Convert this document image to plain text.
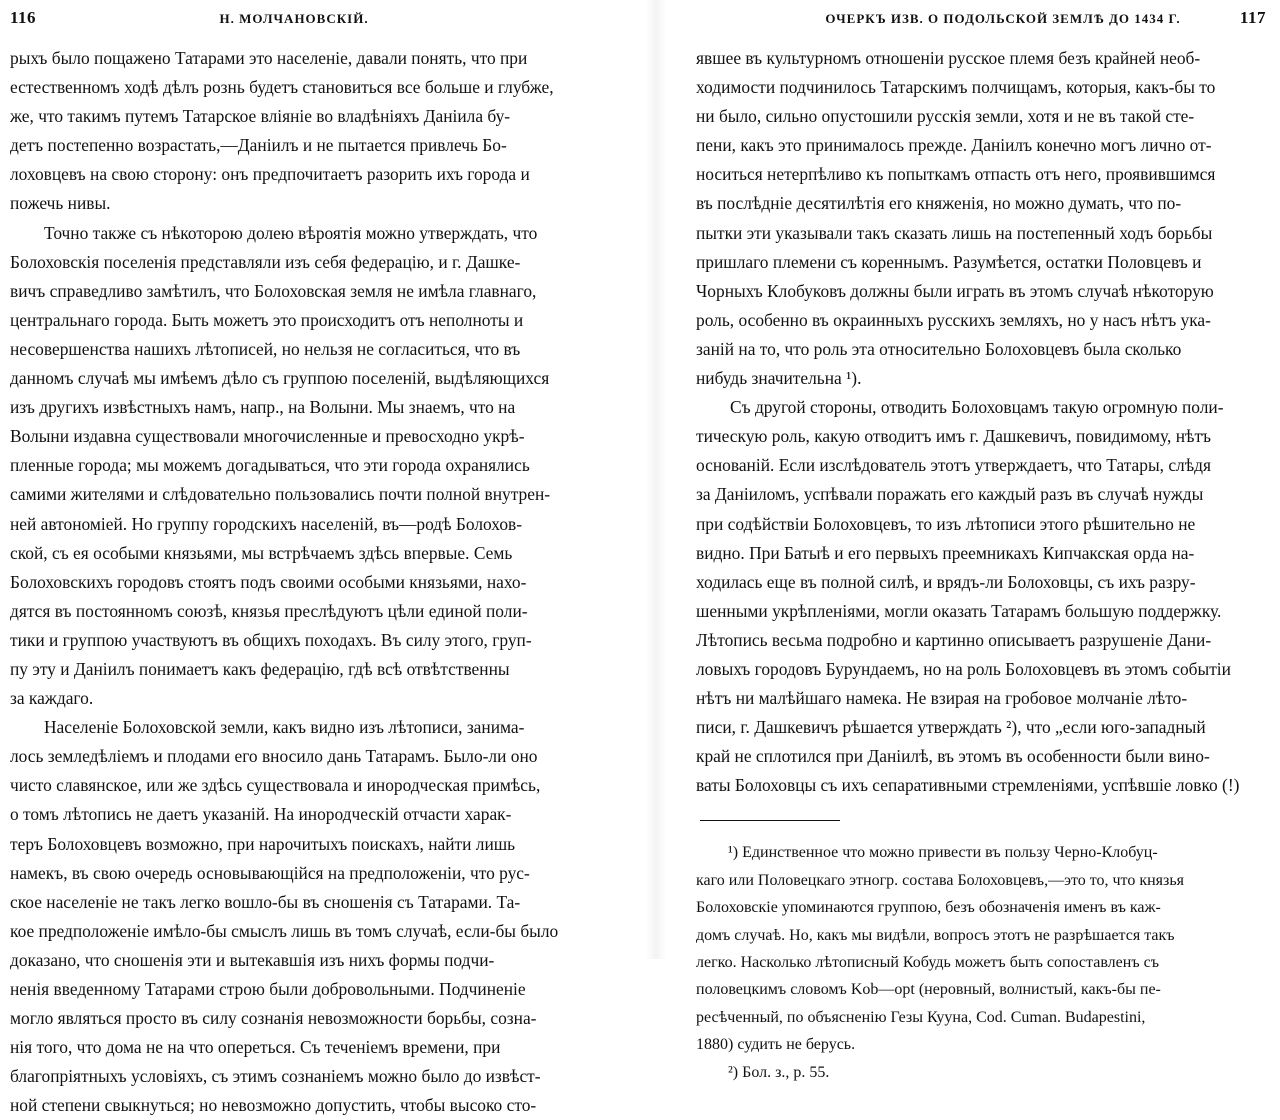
116	Н. МОЛЧАНОВСКІЙ.
рыхъ было пощажено Татарами это населеніе, давали понять, что при
естественномъ ходѣ дѣлъ рознь будетъ становиться все больше и глубже,
же, что такимъ путемъ Татарское вліяніе во владѣніяхъ Даніила бу-
детъ постепенно возрастать,—Даніилъ и не пытается привлечь Бо-
лоховцевъ на свою сторону: онъ предпочитаетъ разорить ихъ города и
пожечь нивы.
Точно также съ нѣкоторою долею вѣроятія можно утверждать, что
Болоховскія поселенія представляли изъ себя федерацію, и г. Дашке-
вичъ справедливо замѣтилъ, что Болоховская земля не имѣла главнаго,
центральнаго города. Быть можетъ это происходитъ отъ неполноты и
несовершенства нашихъ лѣтописей, но нельзя не согласиться, что въ
данномъ случаѣ мы имѣемъ дѣло съ группою поселеній, выдѣляющихся
изъ другихъ извѣстныхъ намъ, напр., на Волыни. Мы знаемъ, что на
Волыни издавна существовали многочисленные и превосходно укрѣ-
пленные города; мы можемъ догадываться, что эти города охранялись
самими жителями и слѣдовательно пользовались почти полной внутрен-
ней автономіей. Но группу городскихъ населеній, въ—родѣ Болохов-
ской, съ ея особыми князьями, мы встрѣчаемъ здѣсь впервые. Семь
Болоховскихъ городовъ стоятъ подъ своими особыми князьями, нахо-
дятся въ постоянномъ союзѣ, князья преслѣдуютъ цѣли единой поли-
тики и группою участвуютъ въ общихъ походахъ. Въ силу этого, груп-
пу эту и Даніилъ понимаетъ какъ федерацію, гдѣ всѣ отвѣтственны
за каждаго.
Населеніе Болоховской земли, какъ видно изъ лѣтописи, занима-
лось земледѣліемъ и плодами его вносило дань Татарамъ. Было-ли оно
чисто славянское, или же здѣсь существовала и инородческая примѣсь,
о томъ лѣтопись не даетъ указаній. На инородческій отчасти харак-
теръ Болоховцевъ возможно, при нарочитыхъ поискахъ, найти лишь
намекъ, въ свою очередь основывающійся на предположеніи, что рус-
ское населеніе не такъ легко вошло-бы въ сношенія съ Татарами. Та-
кое предположеніе имѣло-бы смыслъ лишь въ томъ случаѣ, если-бы было
доказано, что сношенія эти и вытекавшія изъ нихъ формы подчи-
ненія введенному Татарами строю были добровольными. Подчиненіе
могло являться просто въ силу сознанія невозможности борьбы, созна-
нія того, что дома не на что опереться. Съ теченіемъ времени, при
благопріятныхъ условіяхъ, съ этимъ сознаніемъ можно было до извѣст-
ной степени свыкнуться; но невозможно допустить, чтобы высоко сто-
ОЧЕРКЪ ИЗВ. О ПОДОЛЬСКОЙ ЗЕМЛѢ ДО 1434 Г.	117
явшее въ культурномъ отношеніи русское племя безъ крайней необ-
ходимости подчинилось Татарскимъ полчищамъ, которыя, какъ-бы то
ни было, сильно опустошили русскія земли, хотя и не въ такой сте-
пени, какъ это принималось прежде. Даніилъ конечно могъ лично от-
носиться нетерпѣливо къ попыткамъ отпасть отъ него, проявившимся
въ послѣдніе десятилѣтія его княженія, но можно думать, что по-
пытки эти указывали такъ сказать лишь на постепенный ходъ борьбы
пришлаго племени съ кореннымъ. Разумѣется, остатки Половцевъ и
Чорныхъ Клобуковъ должны были играть въ этомъ случаѣ нѣкоторую
роль, особенно въ окраинныхъ русскихъ земляхъ, но у насъ нѣтъ ука-
заній на то, что роль эта относительно Болоховцевъ была сколько
нибудь значительна ¹).
Съ другой стороны, отводить Болоховцамъ такую огромную поли-
тическую роль, какую отводитъ имъ г. Дашкевичъ, повидимому, нѣтъ
основаній. Если изслѣдователь этотъ утверждаетъ, что Татары, слѣдя
за Даніиломъ, успѣвали поражать его каждый разъ въ случаѣ нужды
при содѣйствіи Болоховцевъ, то изъ лѣтописи этого рѣшительно не
видно. При Батыѣ и его первыхъ преемникахъ Кипчакская орда на-
ходилась еще въ полной силѣ, и врядъ-ли Болоховцы, съ ихъ разру-
шенными укрѣпленіями, могли оказать Татарамъ большую поддержку.
Лѣтопись весьма подробно и картинно описываетъ разрушеніе Дани-
ловыхъ городовъ Бурундаемъ, но на роль Болоховцевъ въ этомъ событіи
нѣтъ ни малѣйшаго намека. Не взирая на гробовое молчаніе лѣто-
писи, г. Дашкевичъ рѣшается утверждать ²), что „если юго-западный
край не сплотился при Даніилѣ, въ этомъ въ особенности были вино-
ваты Болоховцы съ ихъ сепаративными стремленіями, успѣвшіе ловко (!)
¹) Единственное что можно привести въ пользу Черно-Клобуц-
каго или Половецкаго этногр. состава Болоховцевъ,—это то, что князья
Болоховскіе упоминаются группою, безъ обозначенія именъ въ каж-
домъ случаѣ. Но, какъ мы видѣли, вопросъ этотъ не разрѣшается такъ
легко. Насколько лѣтописный Кобудь можетъ быть сопоставленъ съ
половецкимъ словомъ Kob—opt (неровный, волнистый, какъ-бы пе-
ресѣченный, по объясненію Гезы Кууна, Cod. Cuman. Budapestini,
1880) судить не берусь.
²) Бол. з., р. 55.
